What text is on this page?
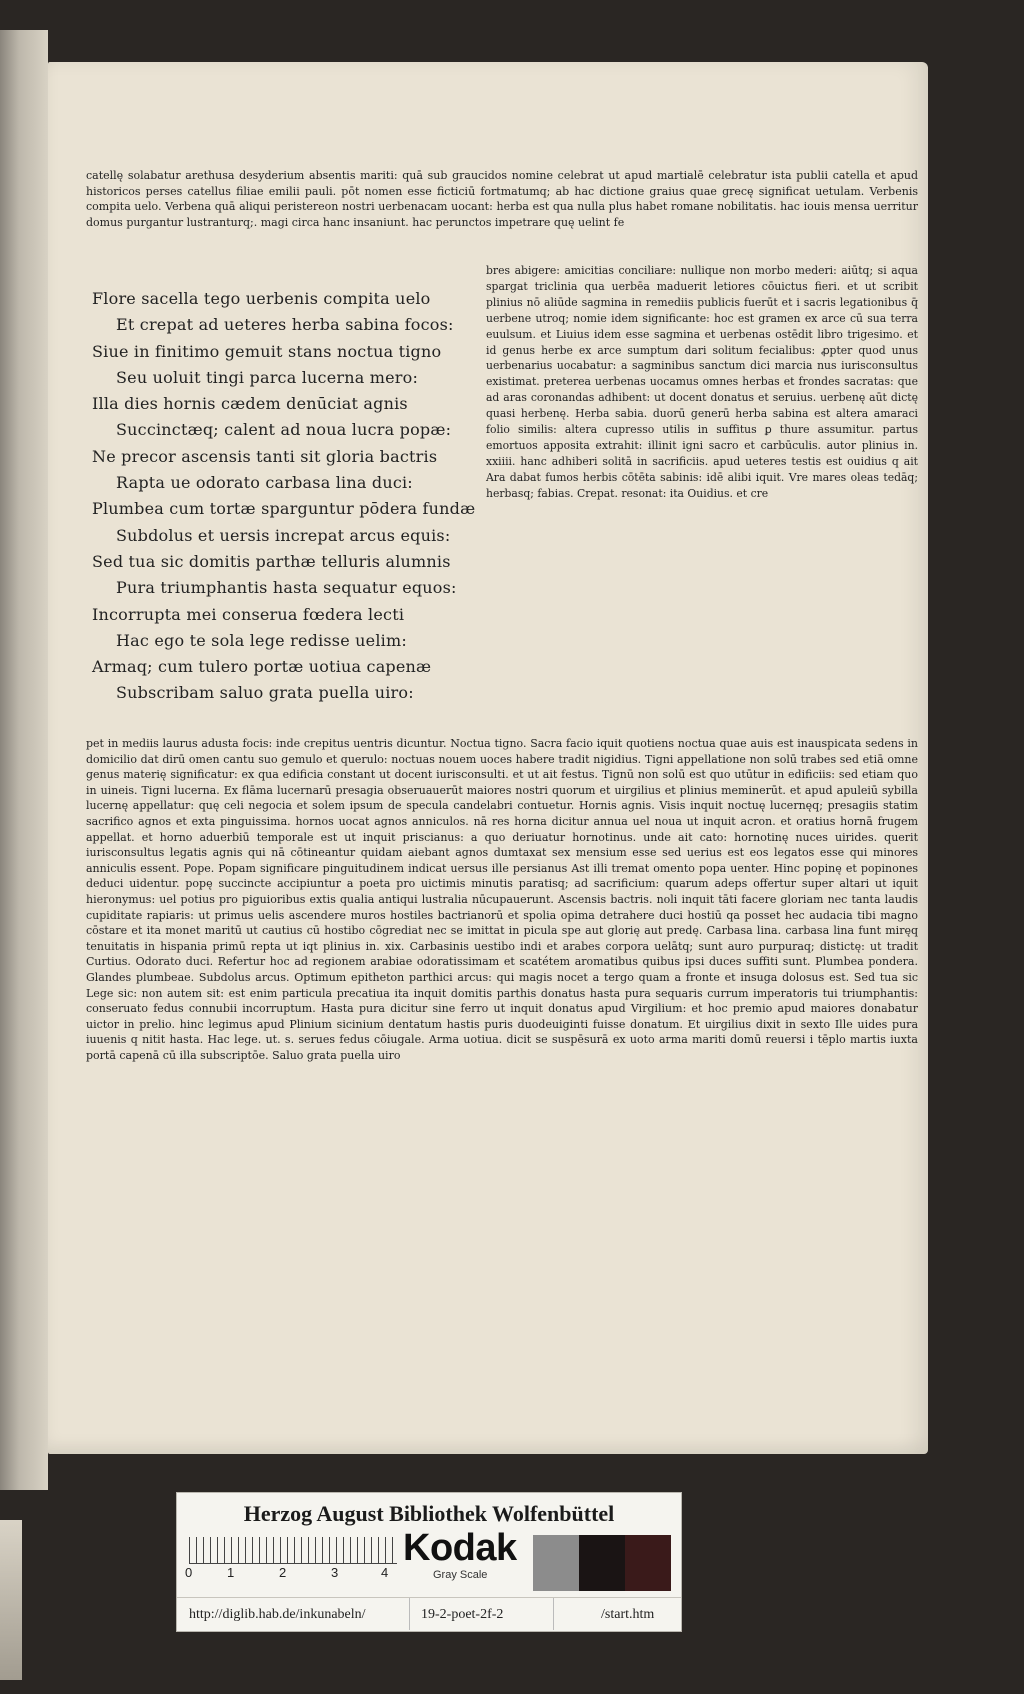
catellę solabatur arethusa desyderium absentis mariti: quā sub graucidos nomine celebrat ut apud martialē celebratur ista publii catella et apud historicos perses catellus filiae emilii pauli. pōt nomen esse ficticiū fortmatumq; ab hac dictione graius quae grecę significat uetulam. Verbenis compita uelo. Verbena quā aliqui peristereon nostri uerbenacam uocant: herba est qua nulla plus habet romane nobilitatis. hac iouis mensa uerritur domus purgantur lustranturq;. magi circa hanc insaniunt. hac perunctos impetrare quę uelint fe
Flore sacella tego uerbenis compita uelo
Et crepat ad ueteres herba sabina focos:
Siue in finitimo gemuit stans noctua tigno
Seu uoluit tingi parca lucerna mero:
Illa dies hornis cædem denūciat agnis
Succinctæq; calent ad noua lucra popæ:
Ne precor ascensis tanti sit gloria bactris
Rapta ue odorato carbasa lina duci:
Plumbea cum tortæ sparguntur pōdera fundæ
Subdolus et uersis increpat arcus equis:
Sed tua sic domitis parthæ telluris alumnis
Pura triumphantis hasta sequatur equos:
Incorrupta mei conserua fœdera lecti
Hac ego te sola lege redisse uelim:
Armaq; cum tulero portæ uotiua capenæ
Subscribam saluo grata puella uiro:
bres abigere: amicitias conciliare: nullique non morbo mederi: aiūtq; si aqua spargat triclinia qua uerbēa maduerit letiores cōuictus fieri. et ut scribit plinius nō aliūde sagmina in remediis publicis fuerūt et i sacris legationibus q̄ uerbene utroq; nomie idem significante: hoc est gramen ex arce cū sua terra euulsum. et Liuius idem esse sagmina et uerbenas ostēdit libro trigesimo. et id genus herbe ex arce sumptum dari solitum fecialibus: ꝓpter quod unus uerbenarius uocabatur: a sagminibus sanctum dici marcia nus iurisconsultus existimat. preterea uerbenas uocamus omnes herbas et frondes sacratas: que ad aras coronandas adhibent: ut docent donatus et seruius. uerbenę aūt dictę quasi herbenę. Herba sabia. duorū generū herba sabina est altera amaraci folio similis: altera cupresso utilis in suffitus ꝑ thure assumitur. partus emortuos apposita extrahit: illinit igni sacro et carbūculis. autor plinius in. xxiiii. hanc adhiberi solitā in sacrificiis. apud ueteres testis est ouidius q ait Ara dabat fumos herbis cōtēta sabinis: idē alibi iquit. Vre mares oleas tedāq; herbasq; fabias. Crepat. resonat: ita Ouidius. et cre
pet in mediis laurus adusta focis: inde crepitus uentris dicuntur. Noctua tigno. Sacra facio iquit quotiens noctua quae auis est inauspicata sedens in domicilio dat dirū omen cantu suo gemulo et querulo: noctuas nouem uoces habere tradit nigidius. Tigni appellatione non solū trabes sed etiā omne genus materię significatur: ex qua edificia constant ut docent iurisconsulti. et ut ait festus. Tignū non solū est quo utūtur in edificiis: sed etiam quo in uineis. Tigni lucerna. Ex flāma lucernarū presagia obseruauerūt maiores nostri quorum et uirgilius et plinius meminerūt. et apud apuleiū sybilla lucernę appellatur: quę celi negocia et solem ipsum de specula candelabri contuetur. Hornis agnis. Visis inquit noctuę lucernęq; presagiis statim sacrifico agnos et exta pinguissima. hornos uocat agnos anniculos. nā res horna dicitur annua uel noua ut inquit acron. et oratius hornā frugem appellat. et horno aduerbiū temporale est ut inquit priscianus: a quo deriuatur hornotinus. unde ait cato: hornotinę nuces uirides. querit iurisconsultus legatis agnis qui nā cōtineantur quidam aiebant agnos dumtaxat sex mensium esse sed uerius est eos legatos esse qui minores anniculis essent. Pope. Popam significare pinguitudinem indicat uersus ille persianus Ast illi tremat omento popa uenter. Hinc popinę et popinones deduci uidentur. popę succincte accipiuntur a poeta pro uictimis minutis paratisq; ad sacrificium: quarum adeps offertur super altari ut iquit hieronymus: uel potius pro piguioribus extis qualia antiqui lustralia nūcupauerunt. Ascensis bactris. noli inquit tāti facere gloriam nec tanta laudis cupiditate rapiaris: ut primus uelis ascendere muros hostiles bactrianorū et spolia opima detrahere duci hostiū qa posset hec audacia tibi magno cōstare et ita monet maritū ut cautius cū hostibo cōgrediat nec se imittat in picula spe aut glorię aut predę. Carbasa lina. carbasa lina funt miręq tenuitatis in hispania primū repta ut iqt plinius in. xix. Carbasinis uestibo indi et arabes corpora uelātq; sunt auro purpuraq; distictę: ut tradit Curtius. Odorato duci. Refertur hoc ad regionem arabiae odoratissimam et scatétem aromatibus quibus ipsi duces suffiti sunt. Plumbea pondera. Glandes plumbeae. Subdolus arcus. Optimum epitheton parthici arcus: qui magis nocet a tergo quam a fronte et insuga dolosus est. Sed tua sic Lege sic: non autem sit: est enim particula precatiua ita inquit domitis parthis donatus hasta pura sequaris currum imperatoris tui triumphantis: conseruato fedus connubii incorruptum. Hasta pura dicitur sine ferro ut inquit donatus apud Virgilium: et hoc premio apud maiores donabatur uictor in prelio. hinc legimus apud Plinium sicinium dentatum hastis puris duodeuiginti fuisse donatum. Et uirgilius dixit in sexto Ille uides pura iuuenis q nitit hasta. Hac lege. ut. s. serues fedus cōiugale. Arma uotiua. dicit se suspēsurā ex uoto arma mariti domū reuersi i tēplo martis iuxta portā capenā cū illa subscriptōe. Saluo grata puella uiro
Herzog August Bibliothek Wolfenbüttel
0	1	2	3	4
Kodak
Gray Scale
http://diglib.hab.de/inkunabeln/	19-2-poet-2f-2	/start.htm
